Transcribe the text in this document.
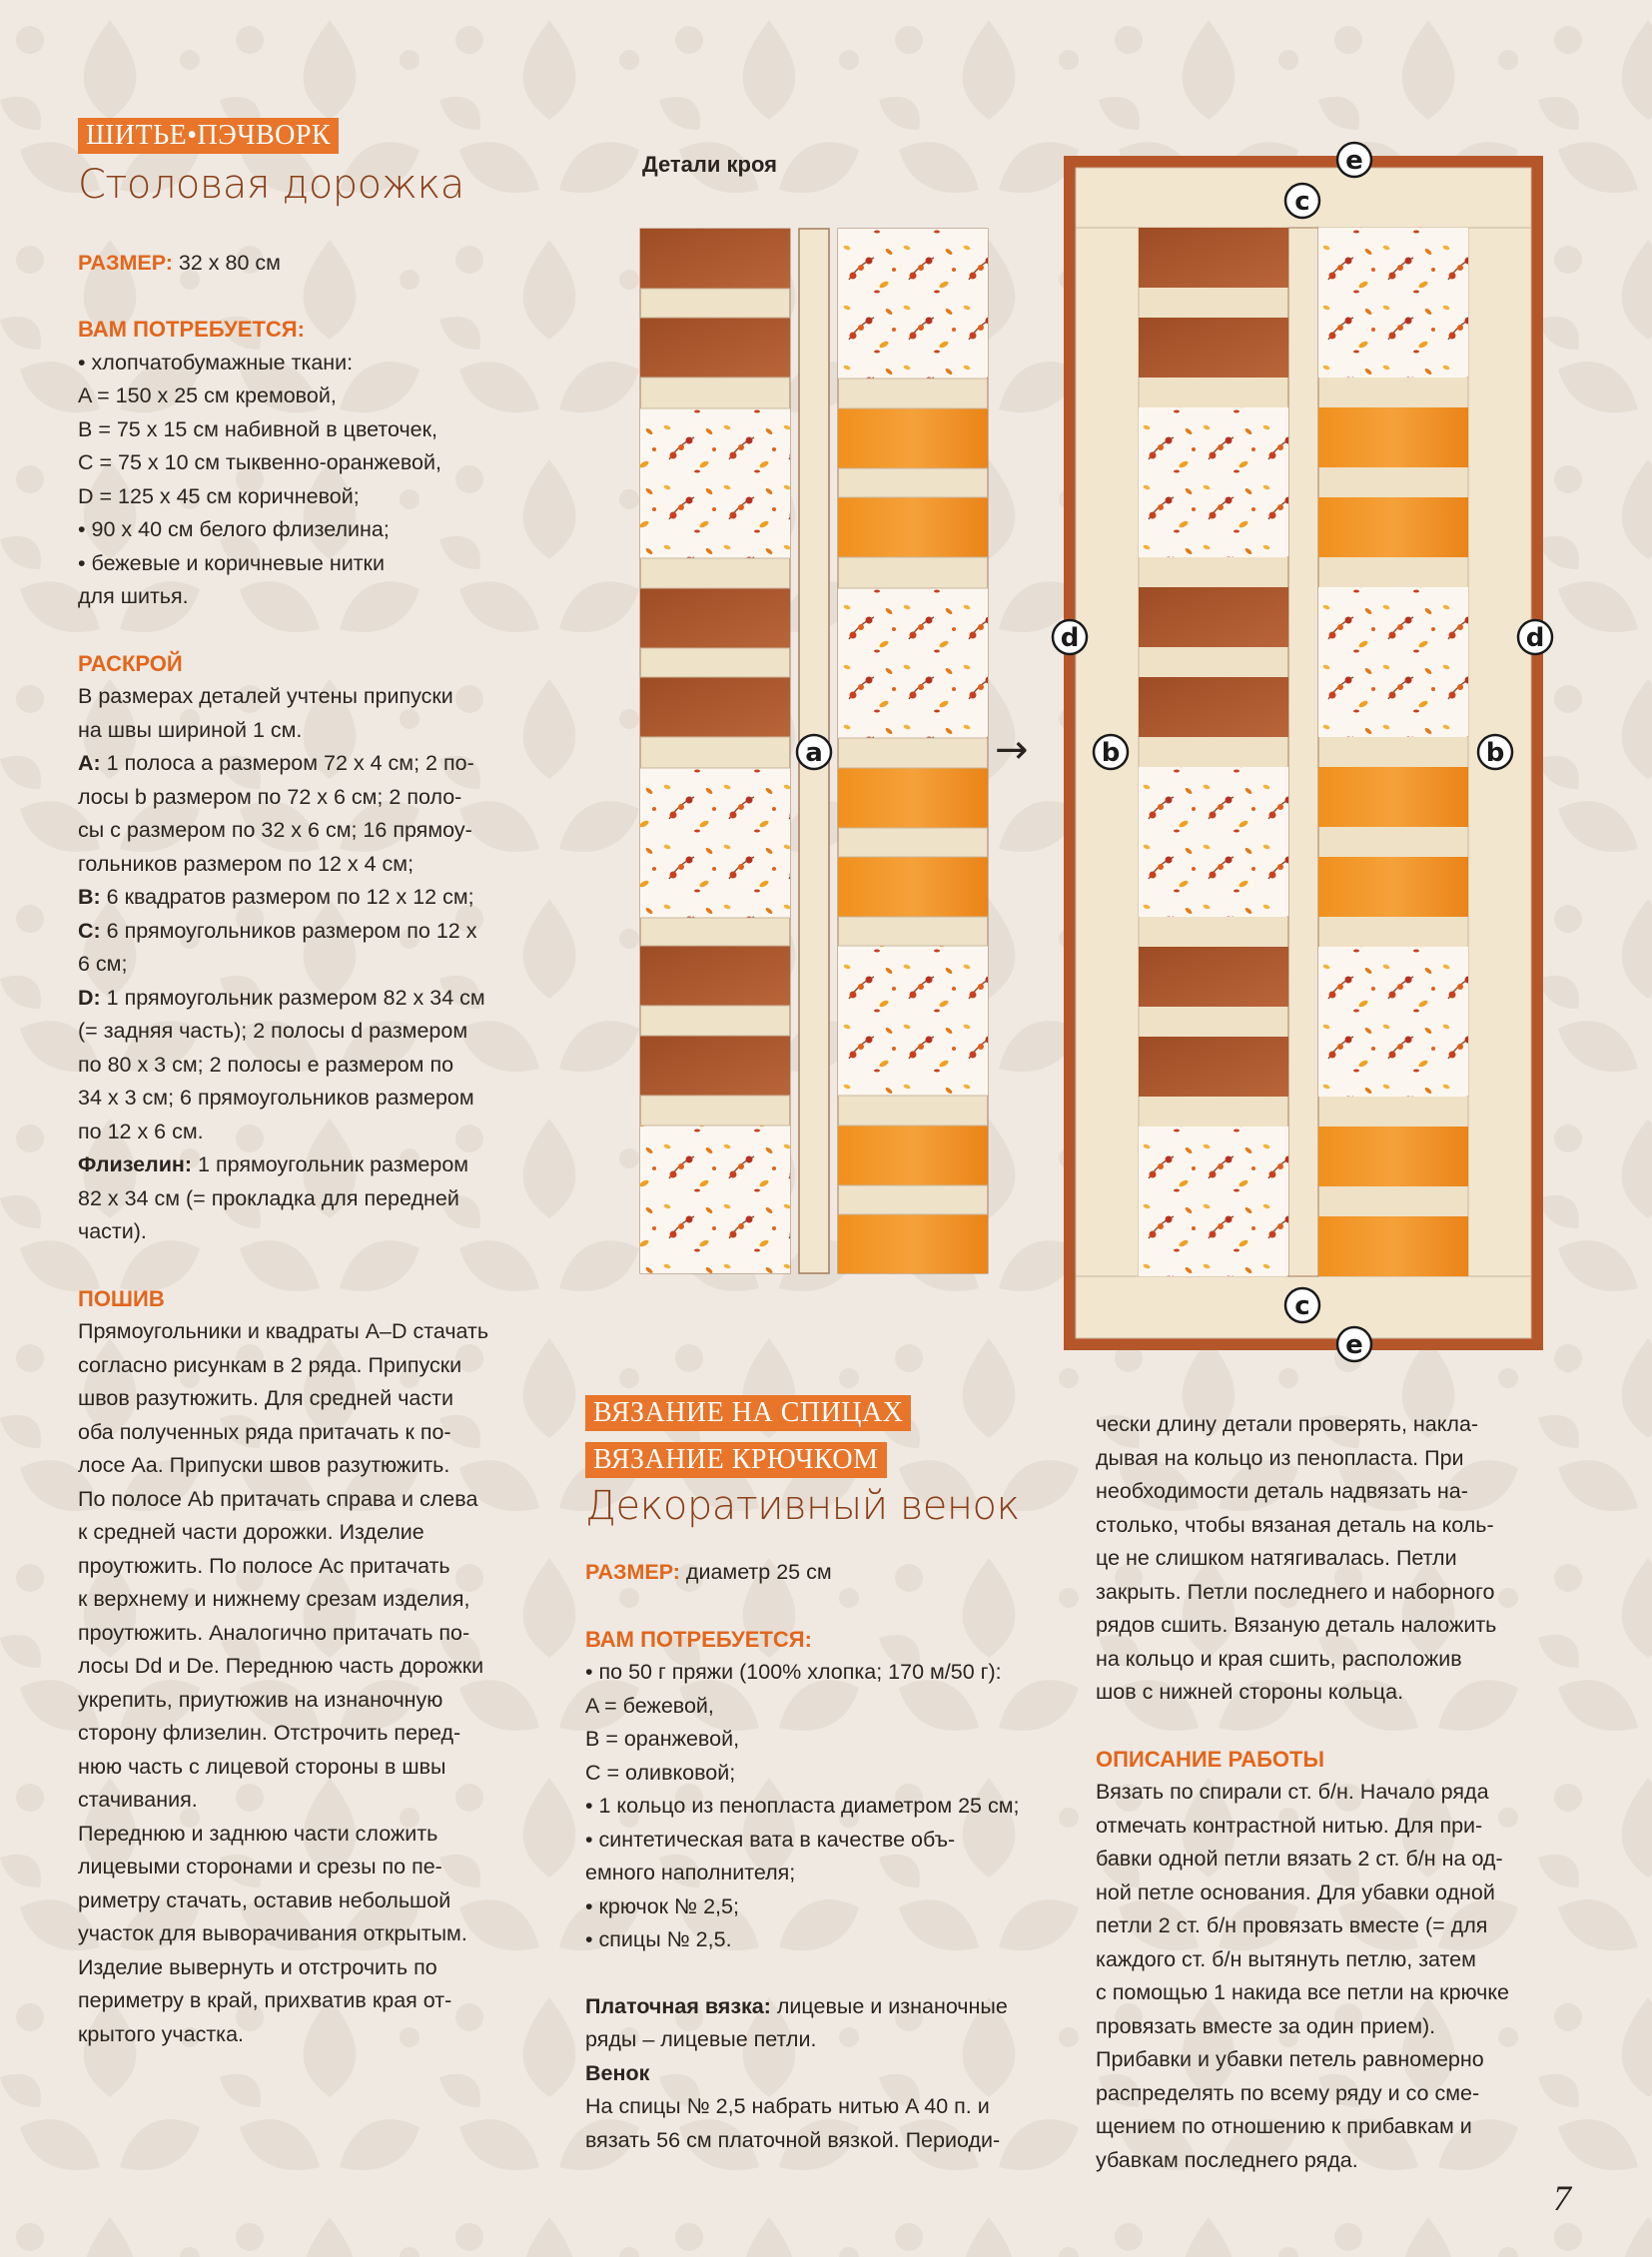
ШИТЬЕ•ПЭЧВОРК
Столовая дорожка

РАЗМЕР: 32 х 80 см

ВАМ ПОТРЕБУЕТСЯ:

• хлопчатобумажные ткани:

A = 150 х 25 см кремовой,

B = 75 х 15 см набивной в цветочек,

C = 75 х 10 см тыквенно-оранжевой,

D = 125 х 45 см коричневой;

• 90 х 40 см белого флизелина;

• бежевые и коричневые нитки

для шитья.

РАСКРОЙ

В размерах деталей учтены припуски

на швы шириной 1 см.

A: 1 полоса a размером 72 х 4 см; 2 по-

лосы b размером по 72 х 6 см; 2 поло-

сы c размером по 32 х 6 см; 16 прямоу-

гольников размером по 12 х 4 см;

B: 6 квадратов размером по 12 х 12 см;

C: 6 прямоугольников размером по 12 х

6 см;

D: 1 прямоугольник размером 82 х 34 см

(= задняя часть); 2 полосы d размером

по 80 х 3 см; 2 полосы e размером по

34 х 3 см; 6 прямоугольников размером

по 12 х 6 см.

Флизелин: 1 прямоугольник размером

82 х 34 см (= прокладка для передней

части).

ПОШИВ

Прямоугольники и квадраты A–D стачать

согласно рисункам в 2 ряда. Припуски

швов разутюжить. Для средней части

оба полученных ряда притачать к по-

лосе Aa. Припуски швов разутюжить.

По полосе Ab притачать справа и слева

к средней части дорожки. Изделие

проутюжить. По полосе Ac притачать

к верхнему и нижнему срезам изделия,

проутюжить. Аналогично притачать по-

лосы Dd и De. Переднюю часть дорожки

укрепить, приутюжив на изнаночную

сторону флизелин. Отстрочить перед-

нюю часть с лицевой стороны в швы

стачивания.

Переднюю и заднюю части сложить

лицевыми сторонами и срезы по пе-

риметру стачать, оставив небольшой

участок для выворачивания открытым.

Изделие вывернуть и отстрочить по

периметру в край, прихватив края от-

крытого участка.

Детали кроя
→
a
e
c
d	d
b	b
c
e
ВЯЗАНИЕ НА СПИЦАХ
ВЯЗАНИЕ КРЮЧКОМ
Декоративный венок

РАЗМЕР: диаметр 25 см

ВАМ ПОТРЕБУЕТСЯ:

• по 50 г пряжи (100% хлопка; 170 м/50 г):

A = бежевой,

B = оранжевой,

C = оливковой;

• 1 кольцо из пенопласта диаметром 25 см;

• синтетическая вата в качестве объ-

емного наполнителя;

• крючок № 2,5;

• спицы № 2,5.

Платочная вязка: лицевые и изнаночные

ряды – лицевые петли.

Венок

На спицы № 2,5 набрать нитью A 40 п. и

вязать 56 см платочной вязкой. Периоди-

чески длину детали проверять, накла-

дывая на кольцо из пенопласта. При

необходимости деталь надвязать на-

столько, чтобы вязаная деталь на коль-

це не слишком натягивалась. Петли

закрыть. Петли последнего и наборного

рядов сшить. Вязаную деталь наложить

на кольцо и края сшить, расположив

шов с нижней стороны кольца.

ОПИСАНИЕ РАБОТЫ

Вязать по спирали ст. б/н. Начало ряда

отмечать контрастной нитью. Для при-

бавки одной петли вязать 2 ст. б/н на од-

ной петле основания. Для убавки одной

петли 2 ст. б/н провязать вместе (= для

каждого ст. б/н вытянуть петлю, затем

с помощью 1 накида все петли на крючке

провязать вместе за один прием).

Прибавки и убавки петель равномерно

распределять по всему ряду и со сме-

щением по отношению к прибавкам и

убавкам последнего ряда.

7
